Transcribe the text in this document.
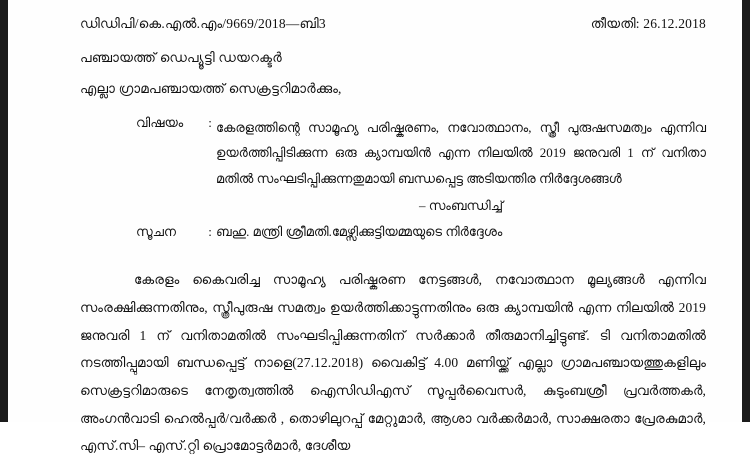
ഡിഡിപി/കെ.എല്‍.എം/9669/2018—ബി3	തീയതി: 26.12.2018
പഞ്ചായത്ത് ഡെപ്യൂട്ടി ഡയറക്ടര്‍
എല്ലാ ഗ്രാമപഞ്ചായത്ത് സെക്രട്ടറിമാര്‍ക്കും,
വിഷയം	: കേരളത്തിന്റെ സാമൂഹ്യ പരിഷ്കരണം, നവോത്ഥാനം, സ്ത്രീ പുരുഷസമത്വം എന്നിവ ഉയര്‍ത്തിപ്പിടിക്കുന്ന ഒരു ക്യാമ്പയിന്‍ എന്ന നിലയില്‍ 2019 ജനുവരി 1 ന് വനിതാ മതില്‍ സംഘടിപ്പിക്കുന്നതുമായി ബന്ധപ്പെട്ട അടിയന്തിര നിര്‍ദ്ദേശങ്ങള്‍
– സംബന്ധിച്ച്
സൂചന	: ബഹു. മന്ത്രി ശ്രീമതി.മേഴ്സിക്കുട്ടിയമ്മയുടെ നിര്‍ദ്ദേശം
കേരളം കൈവരിച്ച സാമൂഹ്യ പരിഷ്കരണ നേട്ടങ്ങള്‍, നവോത്ഥാന മൂല്യങ്ങള്‍ എന്നിവ സംരക്ഷിക്കുന്നതിനും, സ്ത്രീപുരുഷ സമത്വം ഉയര്‍ത്തിക്കാട്ടുന്നതിനും ഒരു ക്യാമ്പയിന്‍ എന്ന നിലയില്‍ 2019 ജനുവരി 1 ന് വനിതാമതില്‍ സംഘടിപ്പിക്കുന്നതിന് സര്‍ക്കാര്‍ തീരുമാനിച്ചിട്ടുണ്ട്. ടി വനിതാമതില്‍ നടത്തിപ്പുമായി ബന്ധപ്പെട്ട് നാളെ(27.12.2018) വൈകിട്ട് 4.00 മണിയ്ക്ക് എല്ലാ ഗ്രാമപഞ്ചായത്തുകളിലും സെക്രട്ടറിമാരുടെ നേതൃത്വത്തില്‍ ഐസിഡിഎസ് സൂപ്പര്‍വൈസര്‍, കുടുംബശ്രീ പ്രവര്‍ത്തകര്‍, അംഗന്‍വാടി ഹെല്‍പ്പര്‍/വര്‍ക്കര്‍ , തൊഴിലുറപ്പ് മേറ്റുമാര്‍, ആശാ വര്‍ക്കര്‍മാര്‍, സാക്ഷരതാ പ്രേരകുമാര്‍, എസ്.സി– എസ്.റ്റി പ്രൊമോട്ടര്‍മാര്‍, ദേശീയ
